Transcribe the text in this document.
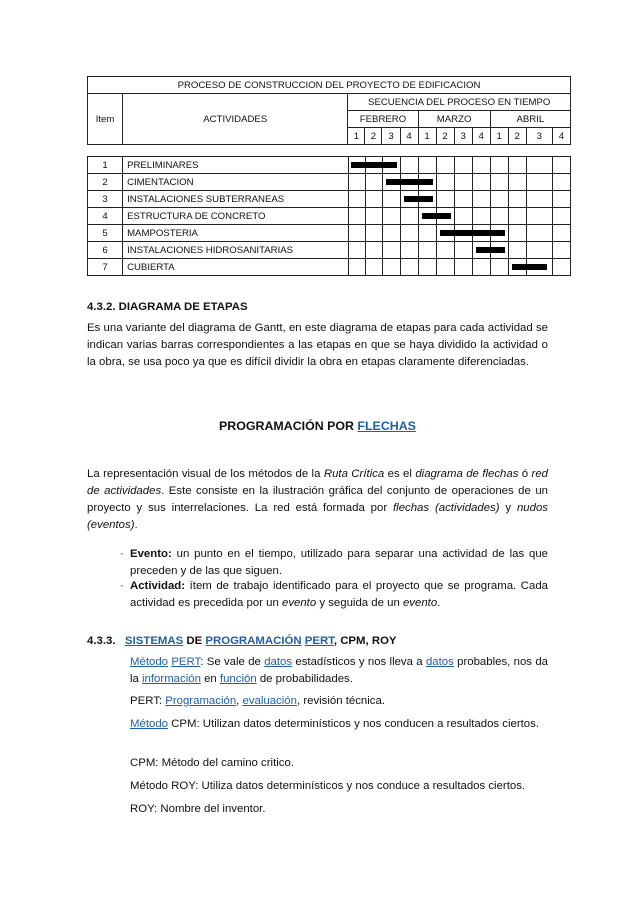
PROCESO DE CONSTRUCCION DEL PROYECTO DE EDIFICACION													
Item	ACTIVIDADES	SECUENCIA DEL PROCESO EN TIEMPO											
		FEBRERO				MARZO				ABRIL			
		1	2	3	4	1	2	3	4	1	2	3	4
1	PRELIMINARES												
2	CIMENTACION												
3	INSTALACIONES SUBTERRANEAS												
4	ESTRUCTURA DE CONCRETO												
5	MAMPOSTERIA												
6	INSTALACIONES HIDROSANITARIAS												
7	CUBIERTA												
4.3.2. DIAGRAMA DE ETAPAS
Es una variante del diagrama de Gantt, en este diagrama de etapas para cada actividad se indican varias barras correspondientes a las etapas en que se haya dividido la actividad o la obra, se usa poco ya que es difícil dividir la obra en etapas claramente diferenciadas.
PROGRAMACIÓN POR FLECHAS
La representación visual de los métodos de la Ruta Crítica es el diagrama de flechas ó red de actividades. Este consiste en la ilustración gráfica del conjunto de operaciones de un proyecto y sus interrelaciones. La red está formada por flechas (actividades) y nudos (eventos).
· Evento: un punto en el tiempo, utilizado para separar una actividad de las que preceden y de las que siguen.
· Actividad: ítem de trabajo identificado para el proyecto que se programa. Cada actividad es precedida por un evento y seguida de un evento.
4.3.3. SISTEMAS DE PROGRAMACIÓN PERT, CPM, ROY
Método PERT: Se vale de datos estadísticos y nos lleva a datos probables, nos da la información en función de probabilidades.
PERT: Programación, evaluación, revisión técnica.
Método CPM: Utilizan datos determinísticos y nos conducen a resultados ciertos.
CPM: Método del camino critico.
Método ROY: Utiliza datos determinísticos y nos conduce a resultados ciertos.
ROY: Nombre del inventor.
